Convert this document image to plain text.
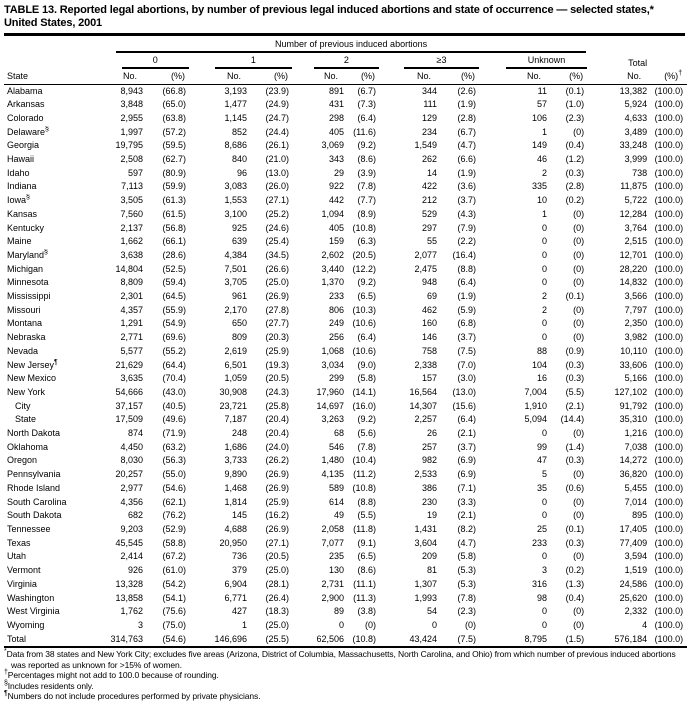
TABLE 13. Reported legal abortions, by number of previous legal induced abortions and state of occurrence — selected states,*
United States, 2001

	Number of previous induced abortions											

	0		1		2		≥3		Unknown		Total	

State	No.	(%)	No.	(%)	No.	(%)	No.	(%)	No.	(%)	No.	(%)†
Alabama	8,943	(66.8)	3,193	(23.9)	891	(6.7)	344	(2.6)	11	(0.1)	13,382	(100.0)
Arkansas	3,848	(65.0)	1,477	(24.9)	431	(7.3)	111	(1.9)	57	(1.0)	5,924	(100.0)
Colorado	2,955	(63.8)	1,145	(24.7)	298	(6.4)	129	(2.8)	106	(2.3)	4,633	(100.0)
Delaware§	1,997	(57.2)	852	(24.4)	405	(11.6)	234	(6.7)	1	(0)	3,489	(100.0)
Georgia	19,795	(59.5)	8,686	(26.1)	3,069	(9.2)	1,549	(4.7)	149	(0.4)	33,248	(100.0)
Hawaii	2,508	(62.7)	840	(21.0)	343	(8.6)	262	(6.6)	46	(1.2)	3,999	(100.0)
Idaho	597	(80.9)	96	(13.0)	29	(3.9)	14	(1.9)	2	(0.3)	738	(100.0)
Indiana	7,113	(59.9)	3,083	(26.0)	922	(7.8)	422	(3.6)	335	(2.8)	11,875	(100.0)
Iowa§	3,505	(61.3)	1,553	(27.1)	442	(7.7)	212	(3.7)	10	(0.2)	5,722	(100.0)
Kansas	7,560	(61.5)	3,100	(25.2)	1,094	(8.9)	529	(4.3)	1	(0)	12,284	(100.0)
Kentucky	2,137	(56.8)	925	(24.6)	405	(10.8)	297	(7.9)	0	(0)	3,764	(100.0)
Maine	1,662	(66.1)	639	(25.4)	159	(6.3)	55	(2.2)	0	(0)	2,515	(100.0)
Maryland§	3,638	(28.6)	4,384	(34.5)	2,602	(20.5)	2,077	(16.4)	0	(0)	12,701	(100.0)
Michigan	14,804	(52.5)	7,501	(26.6)	3,440	(12.2)	2,475	(8.8)	0	(0)	28,220	(100.0)
Minnesota	8,809	(59.4)	3,705	(25.0)	1,370	(9.2)	948	(6.4)	0	(0)	14,832	(100.0)
Mississippi	2,301	(64.5)	961	(26.9)	233	(6.5)	69	(1.9)	2	(0.1)	3,566	(100.0)
Missouri	4,357	(55.9)	2,170	(27.8)	806	(10.3)	462	(5.9)	2	(0)	7,797	(100.0)
Montana	1,291	(54.9)	650	(27.7)	249	(10.6)	160	(6.8)	0	(0)	2,350	(100.0)
Nebraska	2,771	(69.6)	809	(20.3)	256	(6.4)	146	(3.7)	0	(0)	3,982	(100.0)
Nevada	5,577	(55.2)	2,619	(25.9)	1,068	(10.6)	758	(7.5)	88	(0.9)	10,110	(100.0)
New Jersey¶	21,629	(64.4)	6,501	(19.3)	3,034	(9.0)	2,338	(7.0)	104	(0.3)	33,606	(100.0)
New Mexico	3,635	(70.4)	1,059	(20.5)	299	(5.8)	157	(3.0)	16	(0.3)	5,166	(100.0)
New York	54,666	(43.0)	30,908	(24.3)	17,960	(14.1)	16,564	(13.0)	7,004	(5.5)	127,102	(100.0)
City	37,157	(40.5)	23,721	(25.8)	14,697	(16.0)	14,307	(15.6)	1,910	(2.1)	91,792	(100.0)
State	17,509	(49.6)	7,187	(20.4)	3,263	(9.2)	2,257	(6.4)	5,094	(14.4)	35,310	(100.0)
North Dakota	874	(71.9)	248	(20.4)	68	(5.6)	26	(2.1)	0	(0)	1,216	(100.0)
Oklahoma	4,450	(63.2)	1,686	(24.0)	546	(7.8)	257	(3.7)	99	(1.4)	7,038	(100.0)
Oregon	8,030	(56.3)	3,733	(26.2)	1,480	(10.4)	982	(6.9)	47	(0.3)	14,272	(100.0)
Pennsylvania	20,257	(55.0)	9,890	(26.9)	4,135	(11.2)	2,533	(6.9)	5	(0)	36,820	(100.0)
Rhode Island	2,977	(54.6)	1,468	(26.9)	589	(10.8)	386	(7.1)	35	(0.6)	5,455	(100.0)
South Carolina	4,356	(62.1)	1,814	(25.9)	614	(8.8)	230	(3.3)	0	(0)	7,014	(100.0)
South Dakota	682	(76.2)	145	(16.2)	49	(5.5)	19	(2.1)	0	(0)	895	(100.0)
Tennessee	9,203	(52.9)	4,688	(26.9)	2,058	(11.8)	1,431	(8.2)	25	(0.1)	17,405	(100.0)
Texas	45,545	(58.8)	20,950	(27.1)	7,077	(9.1)	3,604	(4.7)	233	(0.3)	77,409	(100.0)
Utah	2,414	(67.2)	736	(20.5)	235	(6.5)	209	(5.8)	0	(0)	3,594	(100.0)
Vermont	926	(61.0)	379	(25.0)	130	(8.6)	81	(5.3)	3	(0.2)	1,519	(100.0)
Virginia	13,328	(54.2)	6,904	(28.1)	2,731	(11.1)	1,307	(5.3)	316	(1.3)	24,586	(100.0)
Washington	13,858	(54.1)	6,771	(26.4)	2,900	(11.3)	1,993	(7.8)	98	(0.4)	25,620	(100.0)
West Virginia	1,762	(75.6)	427	(18.3)	89	(3.8)	54	(2.3)	0	(0)	2,332	(100.0)
Wyoming	3	(75.0)	1	(25.0)	0	(0)	0	(0)	0	(0)	4	(100.0)
Total	314,763	(54.6)	146,696	(25.5)	62,506	(10.8)	43,424	(7.5)	8,795	(1.5)	576,184	(100.0)

*Data from 38 states and New York City; excludes five areas (Arizona, District of Columbia, Massachusetts, North Carolina, and Ohio) from which number of previous induced abortions was reported as unknown for >15% of women.

†Percentages might not add to 100.0 because of rounding.

§Includes residents only.

¶Numbers do not include procedures performed by private physicians.
